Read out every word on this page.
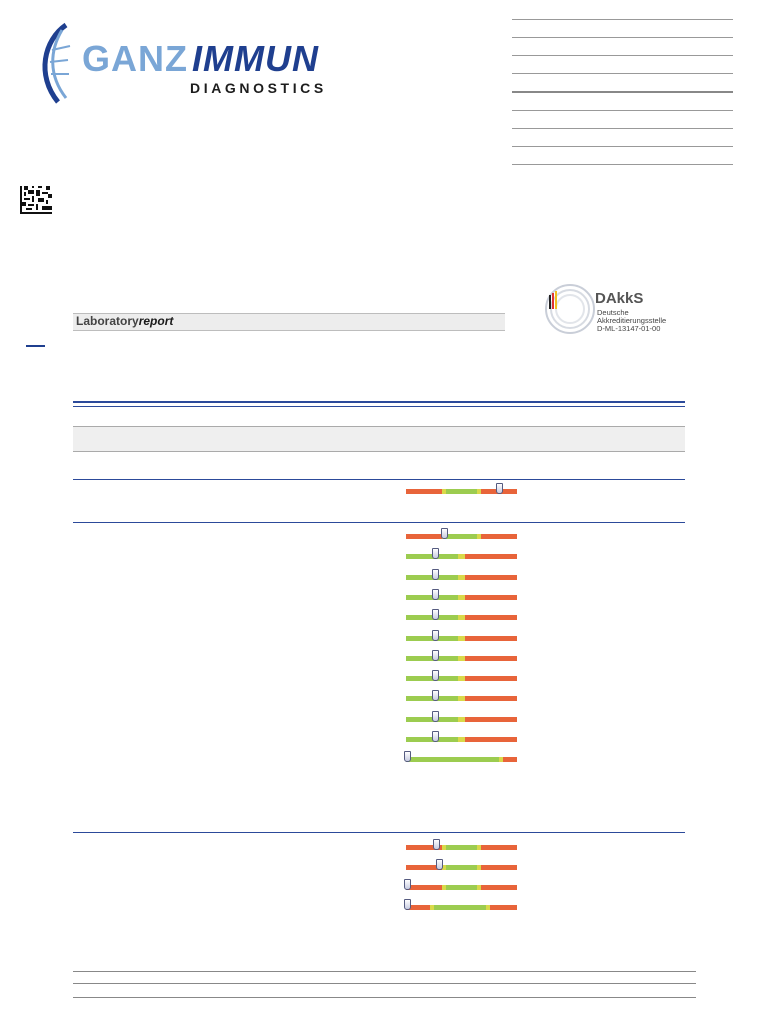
GANZ IMMUN
DIAGNOSTICS
DAkkS
Deutsche
Akkreditierungsstelle
D-ML-13147-01-00
Laboratoryreport
